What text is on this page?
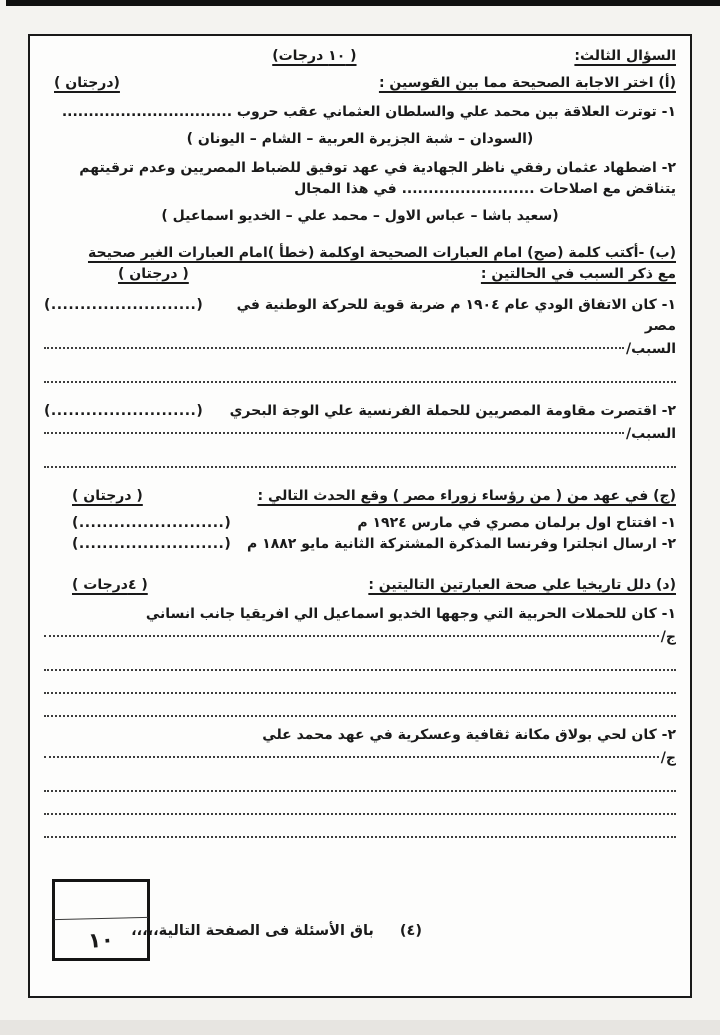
السؤال الثالث:
( ١٠ درجات)
(أ) اختر الاجابة الصحيحة مما بين القوسين :
(درجتان )
١- توترت العلاقة بين محمد علي والسلطان العثماني عقب حروب ................................
(السودان – شبة الجزيرة العربية – الشام – اليونان )
٢- اضطهاد عثمان رفقي ناظر الجهادية في عهد توفيق للضباط المصريين وعدم ترقيتهم يتناقض مع اصلاحات ......................... في هذا المجال
(سعيد باشا – عباس الاول – محمد علي – الخديو اسماعيل )
(ب) -أكتب كلمة (صح) امام العبارات الصحيحة اوكلمة (خطأ )امام العبارات الغير صحيحة
مع ذكر السبب في الحالتين :
( درجتان )
١- كان الاتفاق الودي عام ١٩٠٤ م ضربة قوية للحركة الوطنية في مصر
(.........................)
السبب/
٢- اقتصرت مقاومة المصريين للحملة الفرنسية علي الوجة البحري
(.........................)
السبب/
(ج) في عهد من ( من رؤساء زوراء مصر ) وقع الحدث التالي :
( درجتان )
١- افتتاح اول برلمان مصري في مارس ١٩٢٤ م
(.........................)
٢- ارسال انجلترا وفرنسا المذكرة المشتركة الثانية مايو ١٨٨٢ م
(.........................)
(د) دلل تاريخيا علي صحة العبارتين التاليتين :
( ٤درجات )
١- كان للحملات الحربية التي وجهها الخديو اسماعيل الي افريقيا جانب انساني
ج/
٢- كان لحي بولاق مكانة ثقافية وعسكرية في عهد محمد علي
ج/
١٠	(٤)
باق الأسئلة فى الصفحة التالية،،،،،
